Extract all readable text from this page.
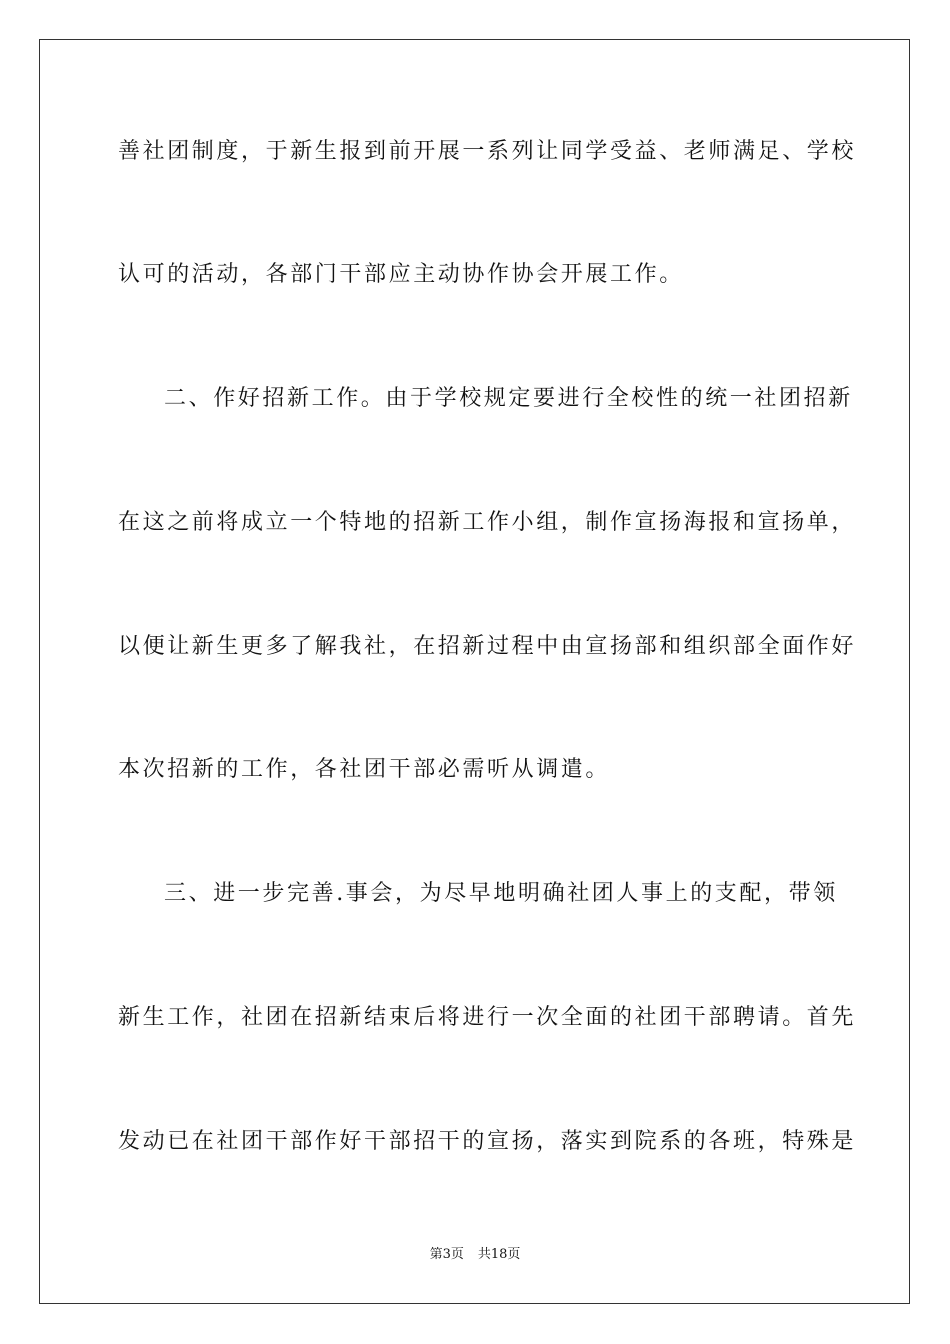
善社团制度，于新生报到前开展一系列让同学受益、老师满足、学校
认可的活动，各部门干部应主动协作协会开展工作。
二、作好招新工作。由于学校规定要进行全校性的统一社团招新
在这之前将成立一个特地的招新工作小组，制作宣扬海报和宣扬单，
以便让新生更多了解我社，在招新过程中由宣扬部和组织部全面作好
本次招新的工作，各社团干部必需听从调遣。
三、进一步完善.事会，为尽早地明确社团人事上的支配，带领
新生工作，社团在招新结束后将进行一次全面的社团干部聘请。首先
发动已在社团干部作好干部招干的宣扬，落实到院系的各班，特殊是
第3页 共18页
